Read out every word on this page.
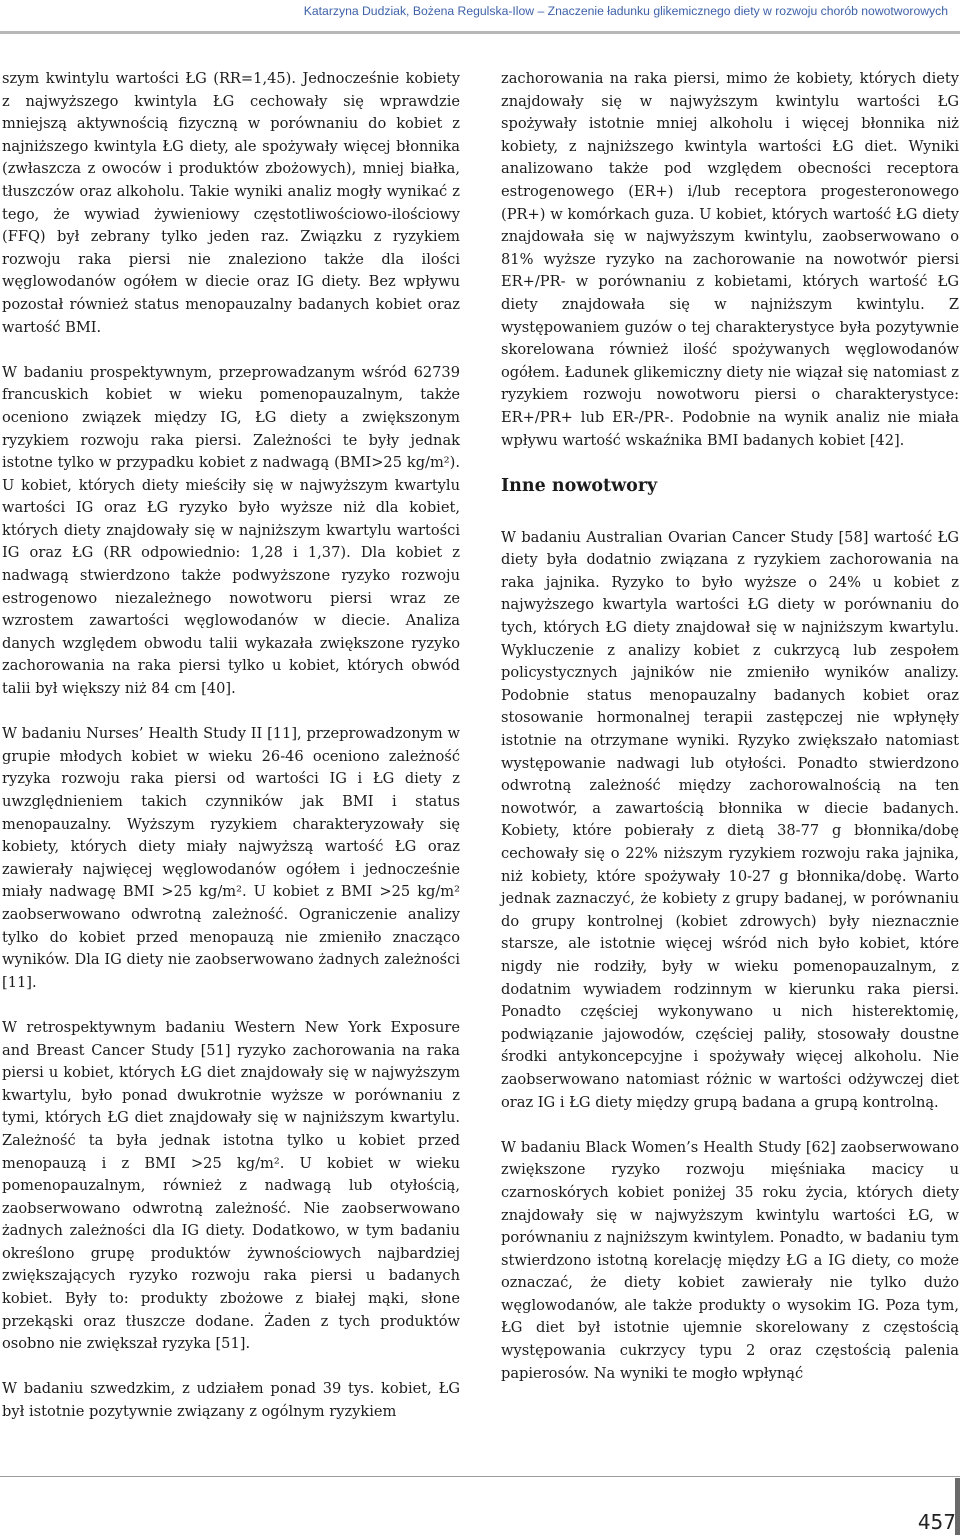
Katarzyna Dudziak, Bożena Regulska-Ilow – Znaczenie ładunku glikemicznego diety w rozwoju chorób nowotworowych

szym kwintylu wartości ŁG (RR=1,45). Jednocześnie kobiety z najwyższego kwintyla ŁG cechowały się wprawdzie mniejszą aktywnością fizyczną w porównaniu do kobiet z najniższego kwintyla ŁG diety, ale spożywały więcej błonnika (zwłaszcza z owoców i produktów zbożowych), mniej białka, tłuszczów oraz alkoholu. Takie wyniki analiz mogły wynikać z tego, że wywiad żywieniowy częstotliwościowo-ilościowy (FFQ) był zebrany tylko jeden raz. Związku z ryzykiem rozwoju raka piersi nie znaleziono także dla ilości węglowodanów ogółem w diecie oraz IG diety. Bez wpływu pozostał również status menopauzalny badanych kobiet oraz wartość BMI.

W badaniu prospektywnym, przeprowadzanym wśród 62739 francuskich kobiet w wieku pomenopauzalnym, także oceniono związek między IG, ŁG diety a zwiększonym ryzykiem rozwoju raka piersi. Zależności te były jednak istotne tylko w przypadku kobiet z nadwagą (BMI>25 kg/m²). U kobiet, których diety mieściły się w najwyższym kwartylu wartości IG oraz ŁG ryzyko było wyższe niż dla kobiet, których diety znajdowały się w najniższym kwartylu wartości IG oraz ŁG (RR odpowiednio: 1,28 i 1,37). Dla kobiet z nadwagą stwierdzono także podwyższone ryzyko rozwoju estrogenowo niezależnego nowotworu piersi wraz ze wzrostem zawartości węglowodanów w diecie. Analiza danych względem obwodu talii wykazała zwiększone ryzyko zachorowania na raka piersi tylko u kobiet, których obwód talii był większy niż 84 cm [40].

W badaniu Nurses’ Health Study II [11], przeprowadzonym w grupie młodych kobiet w wieku 26-46 oceniono zależność ryzyka rozwoju raka piersi od wartości IG i ŁG diety z uwzględnieniem takich czynników jak BMI i status menopauzalny. Wyższym ryzykiem charakteryzowały się kobiety, których diety miały najwyższą wartość ŁG oraz zawierały najwięcej węglowodanów ogółem i jednocześnie miały nadwagę BMI >25 kg/m². U kobiet z BMI >25 kg/m² zaobserwowano odwrotną zależność. Ograniczenie analizy tylko do kobiet przed menopauzą nie zmieniło znacząco wyników. Dla IG diety nie zaobserwowano żadnych zależności [11].

W retrospektywnym badaniu Western New York Exposure and Breast Cancer Study [51] ryzyko zachorowania na raka piersi u kobiet, których ŁG diet znajdowały się w najwyższym kwartylu, było ponad dwukrotnie wyższe w porównaniu z tymi, których ŁG diet znajdowały się w najniższym kwartylu. Zależność ta była jednak istotna tylko u kobiet przed menopauzą i z BMI >25 kg/m². U kobiet w wieku pomenopauzalnym, również z nadwagą lub otyłością, zaobserwowano odwrotną zależność. Nie zaobserwowano żadnych zależności dla IG diety. Dodatkowo, w tym badaniu określono grupę produktów żywnościowych najbardziej zwiększających ryzyko rozwoju raka piersi u badanych kobiet. Były to: produkty zbożowe z białej mąki, słone przekąski oraz tłuszcze dodane. Żaden z tych produktów osobno nie zwiększał ryzyka [51].

W badaniu szwedzkim, z udziałem ponad 39 tys. kobiet, ŁG był istotnie pozytywnie związany z ogólnym ryzykiem

zachorowania na raka piersi, mimo że kobiety, których diety znajdowały się w najwyższym kwintylu wartości ŁG spożywały istotnie mniej alkoholu i więcej błonnika niż kobiety, z najniższego kwintyla wartości ŁG diet. Wyniki analizowano także pod względem obecności receptora estrogenowego (ER+) i/lub receptora progesteronowego (PR+) w komórkach guza. U kobiet, których wartość ŁG diety znajdowała się w najwyższym kwintylu, zaobserwowano o 81% wyższe ryzyko na zachorowanie na nowotwór piersi ER+/PR- w porównaniu z kobietami, których wartość ŁG diety znajdowała się w najniższym kwintylu. Z występowaniem guzów o tej charakterystyce była pozytywnie skorelowana również ilość spożywanych węglowodanów ogółem. Ładunek glikemiczny diety nie wiązał się natomiast z ryzykiem rozwoju nowotworu piersi o charakterystyce: ER+/PR+ lub ER-/PR-. Podobnie na wynik analiz nie miała wpływu wartość wskaźnika BMI badanych kobiet [42].

Inne nowotwory

W badaniu Australian Ovarian Cancer Study [58] wartość ŁG diety była dodatnio związana z ryzykiem zachorowania na raka jajnika. Ryzyko to było wyższe o 24% u kobiet z najwyższego kwartyla wartości ŁG diety w porównaniu do tych, których ŁG diety znajdował się w najniższym kwartylu. Wykluczenie z analizy kobiet z cukrzycą lub zespołem policystycznych jajników nie zmieniło wyników analizy. Podobnie status menopauzalny badanych kobiet oraz stosowanie hormonalnej terapii zastępczej nie wpłynęły istotnie na otrzymane wyniki. Ryzyko zwiększało natomiast występowanie nadwagi lub otyłości. Ponadto stwierdzono odwrotną zależność między zachorowalnością na ten nowotwór, a zawartością błonnika w diecie badanych. Kobiety, które pobierały z dietą 38-77 g błonnika/dobę cechowały się o 22% niższym ryzykiem rozwoju raka jajnika, niż kobiety, które spożywały 10-27 g błonnika/dobę. Warto jednak zaznaczyć, że kobiety z grupy badanej, w porównaniu do grupy kontrolnej (kobiet zdrowych) były nieznacznie starsze, ale istotnie więcej wśród nich było kobiet, które nigdy nie rodziły, były w wieku pomenopauzalnym, z dodatnim wywiadem rodzinnym w kierunku raka piersi. Ponadto częściej wykonywano u nich histerektomię, podwiązanie jajowodów, częściej paliły, stosowały doustne środki antykoncepcyjne i spożywały więcej alkoholu. Nie zaobserwowano natomiast różnic w wartości odżywczej diet oraz IG i ŁG diety między grupą badana a grupą kontrolną.

W badaniu Black Women’s Health Study [62] zaobserwowano zwiększone ryzyko rozwoju mięśniaka macicy u czarnoskórych kobiet poniżej 35 roku życia, których diety znajdowały się w najwyższym kwintylu wartości ŁG, w porównaniu z najniższym kwintylem. Ponadto, w badaniu tym stwierdzono istotną korelację między ŁG a IG diety, co może oznaczać, że diety kobiet zawierały nie tylko dużo węglowodanów, ale także produkty o wysokim IG. Poza tym, ŁG diet był istotnie ujemnie skorelowany z częstością występowania cukrzycy typu 2 oraz częstością palenia papierosów. Na wyniki te mogło wpłynąć

457
